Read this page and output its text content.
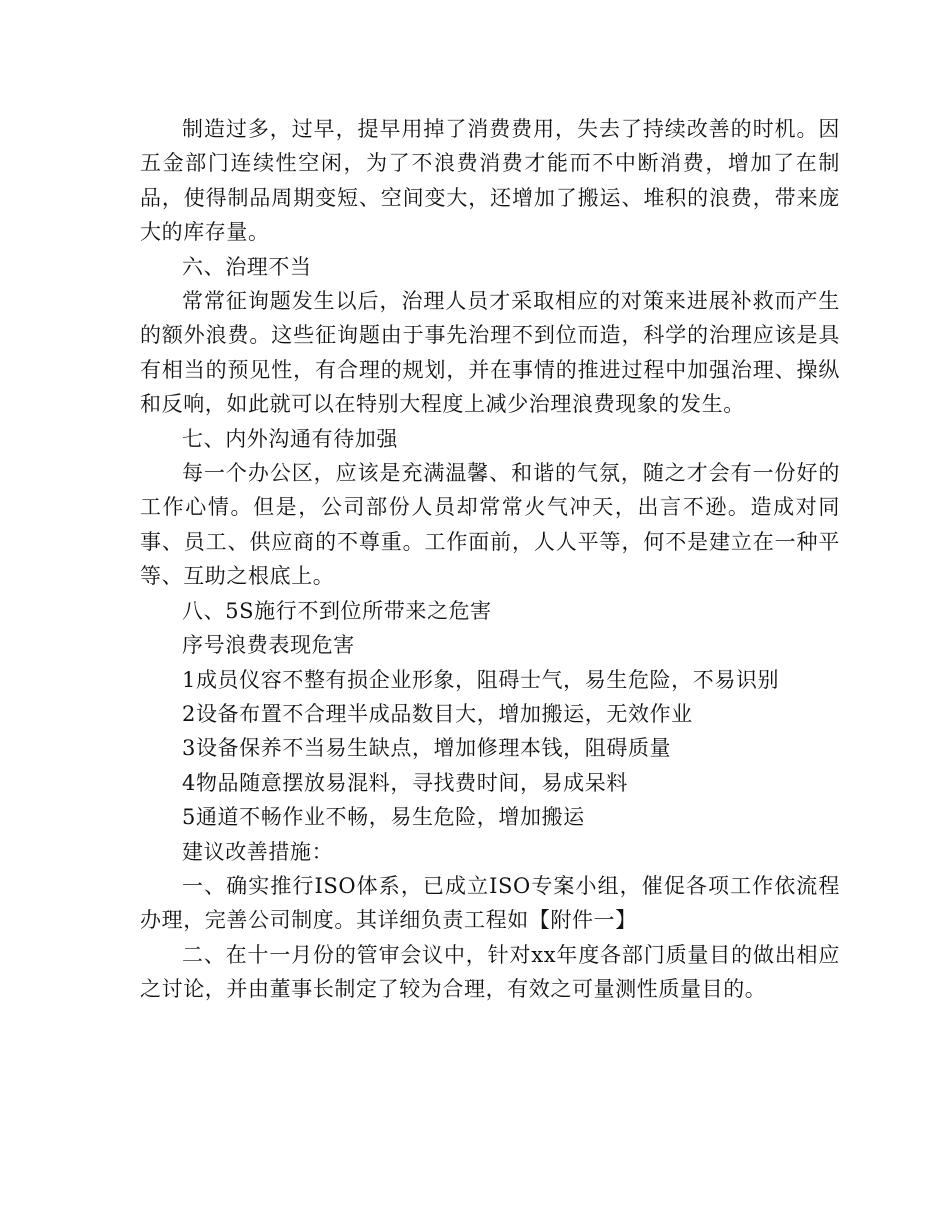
制造过多，过早，提早用掉了消费费用，失去了持续改善的时机。因五金部门连续性空闲，为了不浪费消费才能而不中断消费，增加了在制品，使得制品周期变短、空间变大，还增加了搬运、堆积的浪费，带来庞大的库存量。

六、治理不当

常常征询题发生以后，治理人员才采取相应的对策来进展补救而产生的额外浪费。这些征询题由于事先治理不到位而造，科学的治理应该是具有相当的预见性，有合理的规划，并在事情的推进过程中加强治理、操纵和反响，如此就可以在特别大程度上减少治理浪费现象的发生。

七、内外沟通有待加强

每一个办公区，应该是充满温馨、和谐的气氛，随之才会有一份好的工作心情。但是，公司部份人员却常常火气冲天，出言不逊。造成对同事、员工、供应商的不尊重。工作面前，人人平等，何不是建立在一种平等、互助之根底上。

八、5S施行不到位所带来之危害

序号浪费表现危害

1成员仪容不整有损企业形象，阻碍士气，易生危险，不易识别

2设备布置不合理半成品数目大，增加搬运，无效作业

3设备保养不当易生缺点，增加修理本钱，阻碍质量

4物品随意摆放易混料，寻找费时间，易成呆料

5通道不畅作业不畅，易生危险，增加搬运

建议改善措施：

一、确实推行ISO体系，已成立ISO专案小组，催促各项工作依流程办理，完善公司制度。其详细负责工程如【附件一】

二、在十一月份的管审会议中，针对xx年度各部门质量目的做出相应之讨论，并由董事长制定了较为合理，有效之可量测性质量目的。
